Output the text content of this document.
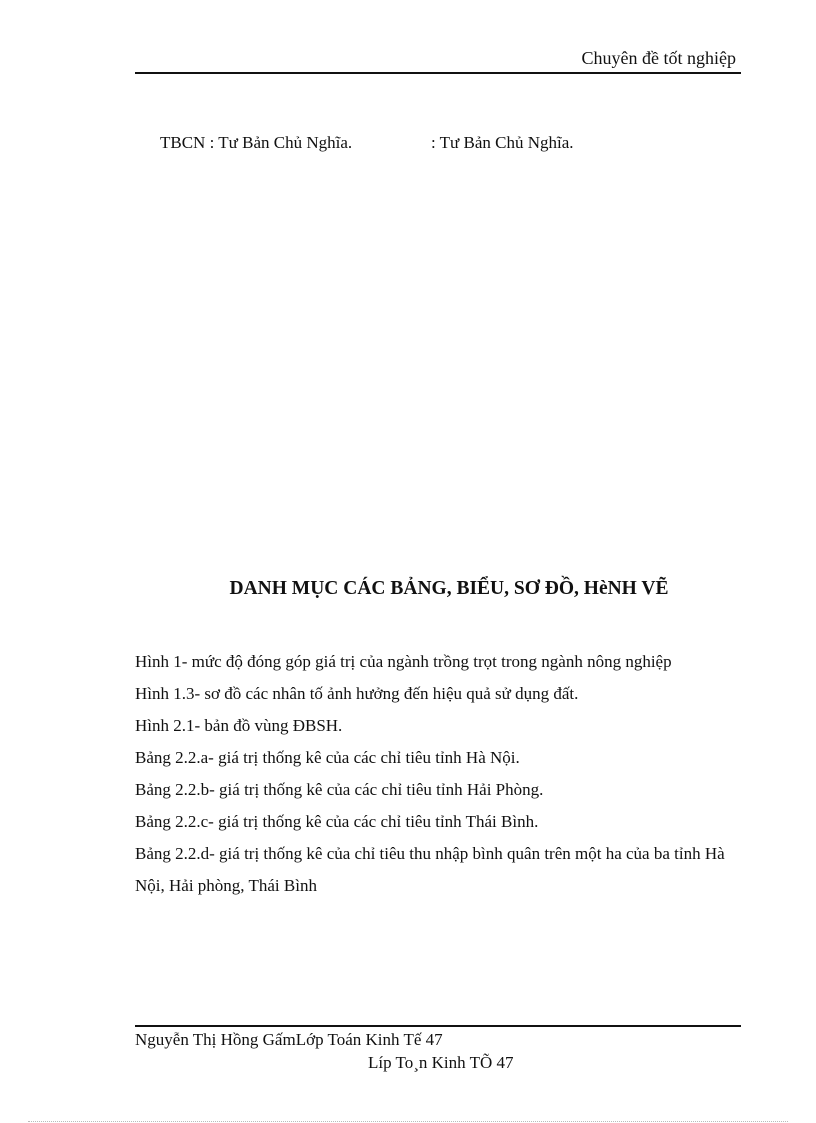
Chuyên đề tốt nghiệp
TBCN : Tư Bản Chủ Nghĩa.	: Tư Bản Chủ Nghĩa.
DANH MỤC CÁC BẢNG, BIỂU, SƠ ĐỒ, HèNH VẼ

Hình 1- mức độ đóng góp giá trị của ngành trồng trọt trong ngành nông nghiệp

Hình 1.3- sơ đồ các nhân tố ảnh hưởng đến hiệu quả sử dụng đất.

Hình 2.1- bản đồ vùng ĐBSH.

Bảng 2.2.a- giá trị thống kê của các chỉ tiêu tỉnh Hà Nội.

Bảng 2.2.b- giá trị thống kê của các chỉ tiêu tỉnh Hải Phòng.

Bảng 2.2.c- giá trị thống kê của các chỉ tiêu tỉnh Thái Bình.

Bảng 2.2.d- giá trị thống kê của chỉ tiêu thu nhập bình quân trên một ha của ba tỉnh Hà Nội, Hải phòng, Thái Bình

Nguyễn Thị Hồng GấmLớp Toán Kinh Tế 47
Líp To¸n Kinh TÕ 47
